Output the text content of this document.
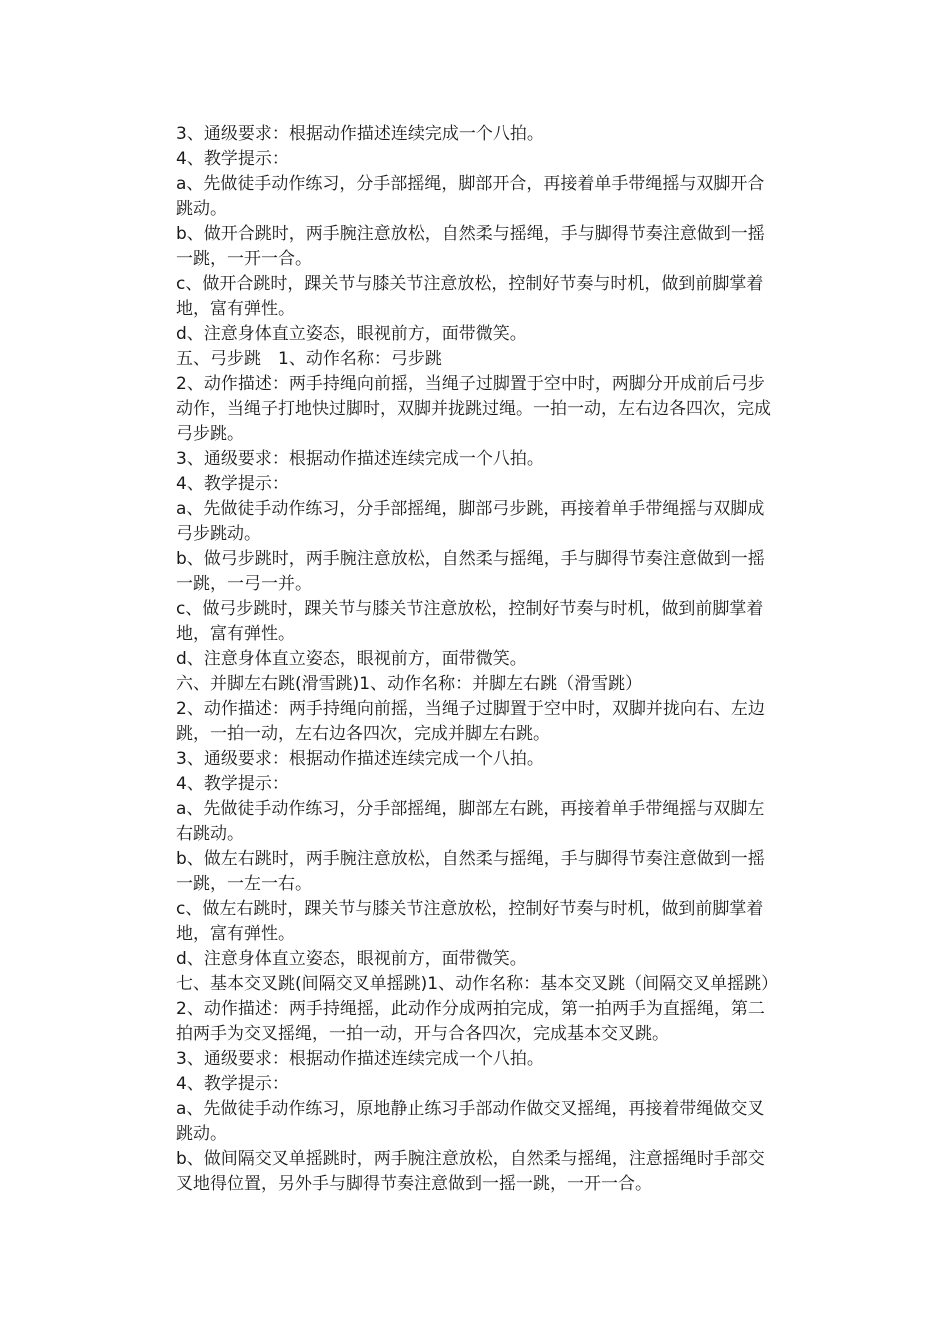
3、通级要求：根据动作描述连续完成一个八拍。

4、教学提示：

a、先做徒手动作练习，分手部摇绳，脚部开合，再接着单手带绳摇与双脚开合跳动。

b、做开合跳时，两手腕注意放松，自然柔与摇绳，手与脚得节奏注意做到一摇一跳，一开一合。

c、做开合跳时，踝关节与膝关节注意放松，控制好节奏与时机，做到前脚掌着地，富有弹性。

d、注意身体直立姿态，眼视前方，面带微笑。

五、弓步跳　1、动作名称：弓步跳

2、动作描述：两手持绳向前摇，当绳子过脚置于空中时，两脚分开成前后弓步动作，当绳子打地快过脚时，双脚并拢跳过绳。一拍一动，左右边各四次，完成弓步跳。

3、通级要求：根据动作描述连续完成一个八拍。

4、教学提示：

a、先做徒手动作练习，分手部摇绳，脚部弓步跳，再接着单手带绳摇与双脚成弓步跳动。

b、做弓步跳时，两手腕注意放松，自然柔与摇绳，手与脚得节奏注意做到一摇一跳，一弓一并。

c、做弓步跳时，踝关节与膝关节注意放松，控制好节奏与时机，做到前脚掌着地，富有弹性。

d、注意身体直立姿态，眼视前方，面带微笑。

六、并脚左右跳(滑雪跳)1、动作名称：并脚左右跳（滑雪跳）

2、动作描述：两手持绳向前摇，当绳子过脚置于空中时，双脚并拢向右、左边跳，一拍一动，左右边各四次，完成并脚左右跳。

3、通级要求：根据动作描述连续完成一个八拍。

4、教学提示：

a、先做徒手动作练习，分手部摇绳，脚部左右跳，再接着单手带绳摇与双脚左右跳动。

b、做左右跳时，两手腕注意放松，自然柔与摇绳，手与脚得节奏注意做到一摇一跳，一左一右。

c、做左右跳时，踝关节与膝关节注意放松，控制好节奏与时机，做到前脚掌着地，富有弹性。

d、注意身体直立姿态，眼视前方，面带微笑。

七、基本交叉跳(间隔交叉单摇跳)1、动作名称：基本交叉跳（间隔交叉单摇跳）

2、动作描述：两手持绳摇，此动作分成两拍完成，第一拍两手为直摇绳，第二拍两手为交叉摇绳，一拍一动，开与合各四次，完成基本交叉跳。

3、通级要求：根据动作描述连续完成一个八拍。

4、教学提示：

a、先做徒手动作练习，原地静止练习手部动作做交叉摇绳，再接着带绳做交叉跳动。

b、做间隔交叉单摇跳时，两手腕注意放松，自然柔与摇绳，注意摇绳时手部交叉地得位置，另外手与脚得节奏注意做到一摇一跳，一开一合。
